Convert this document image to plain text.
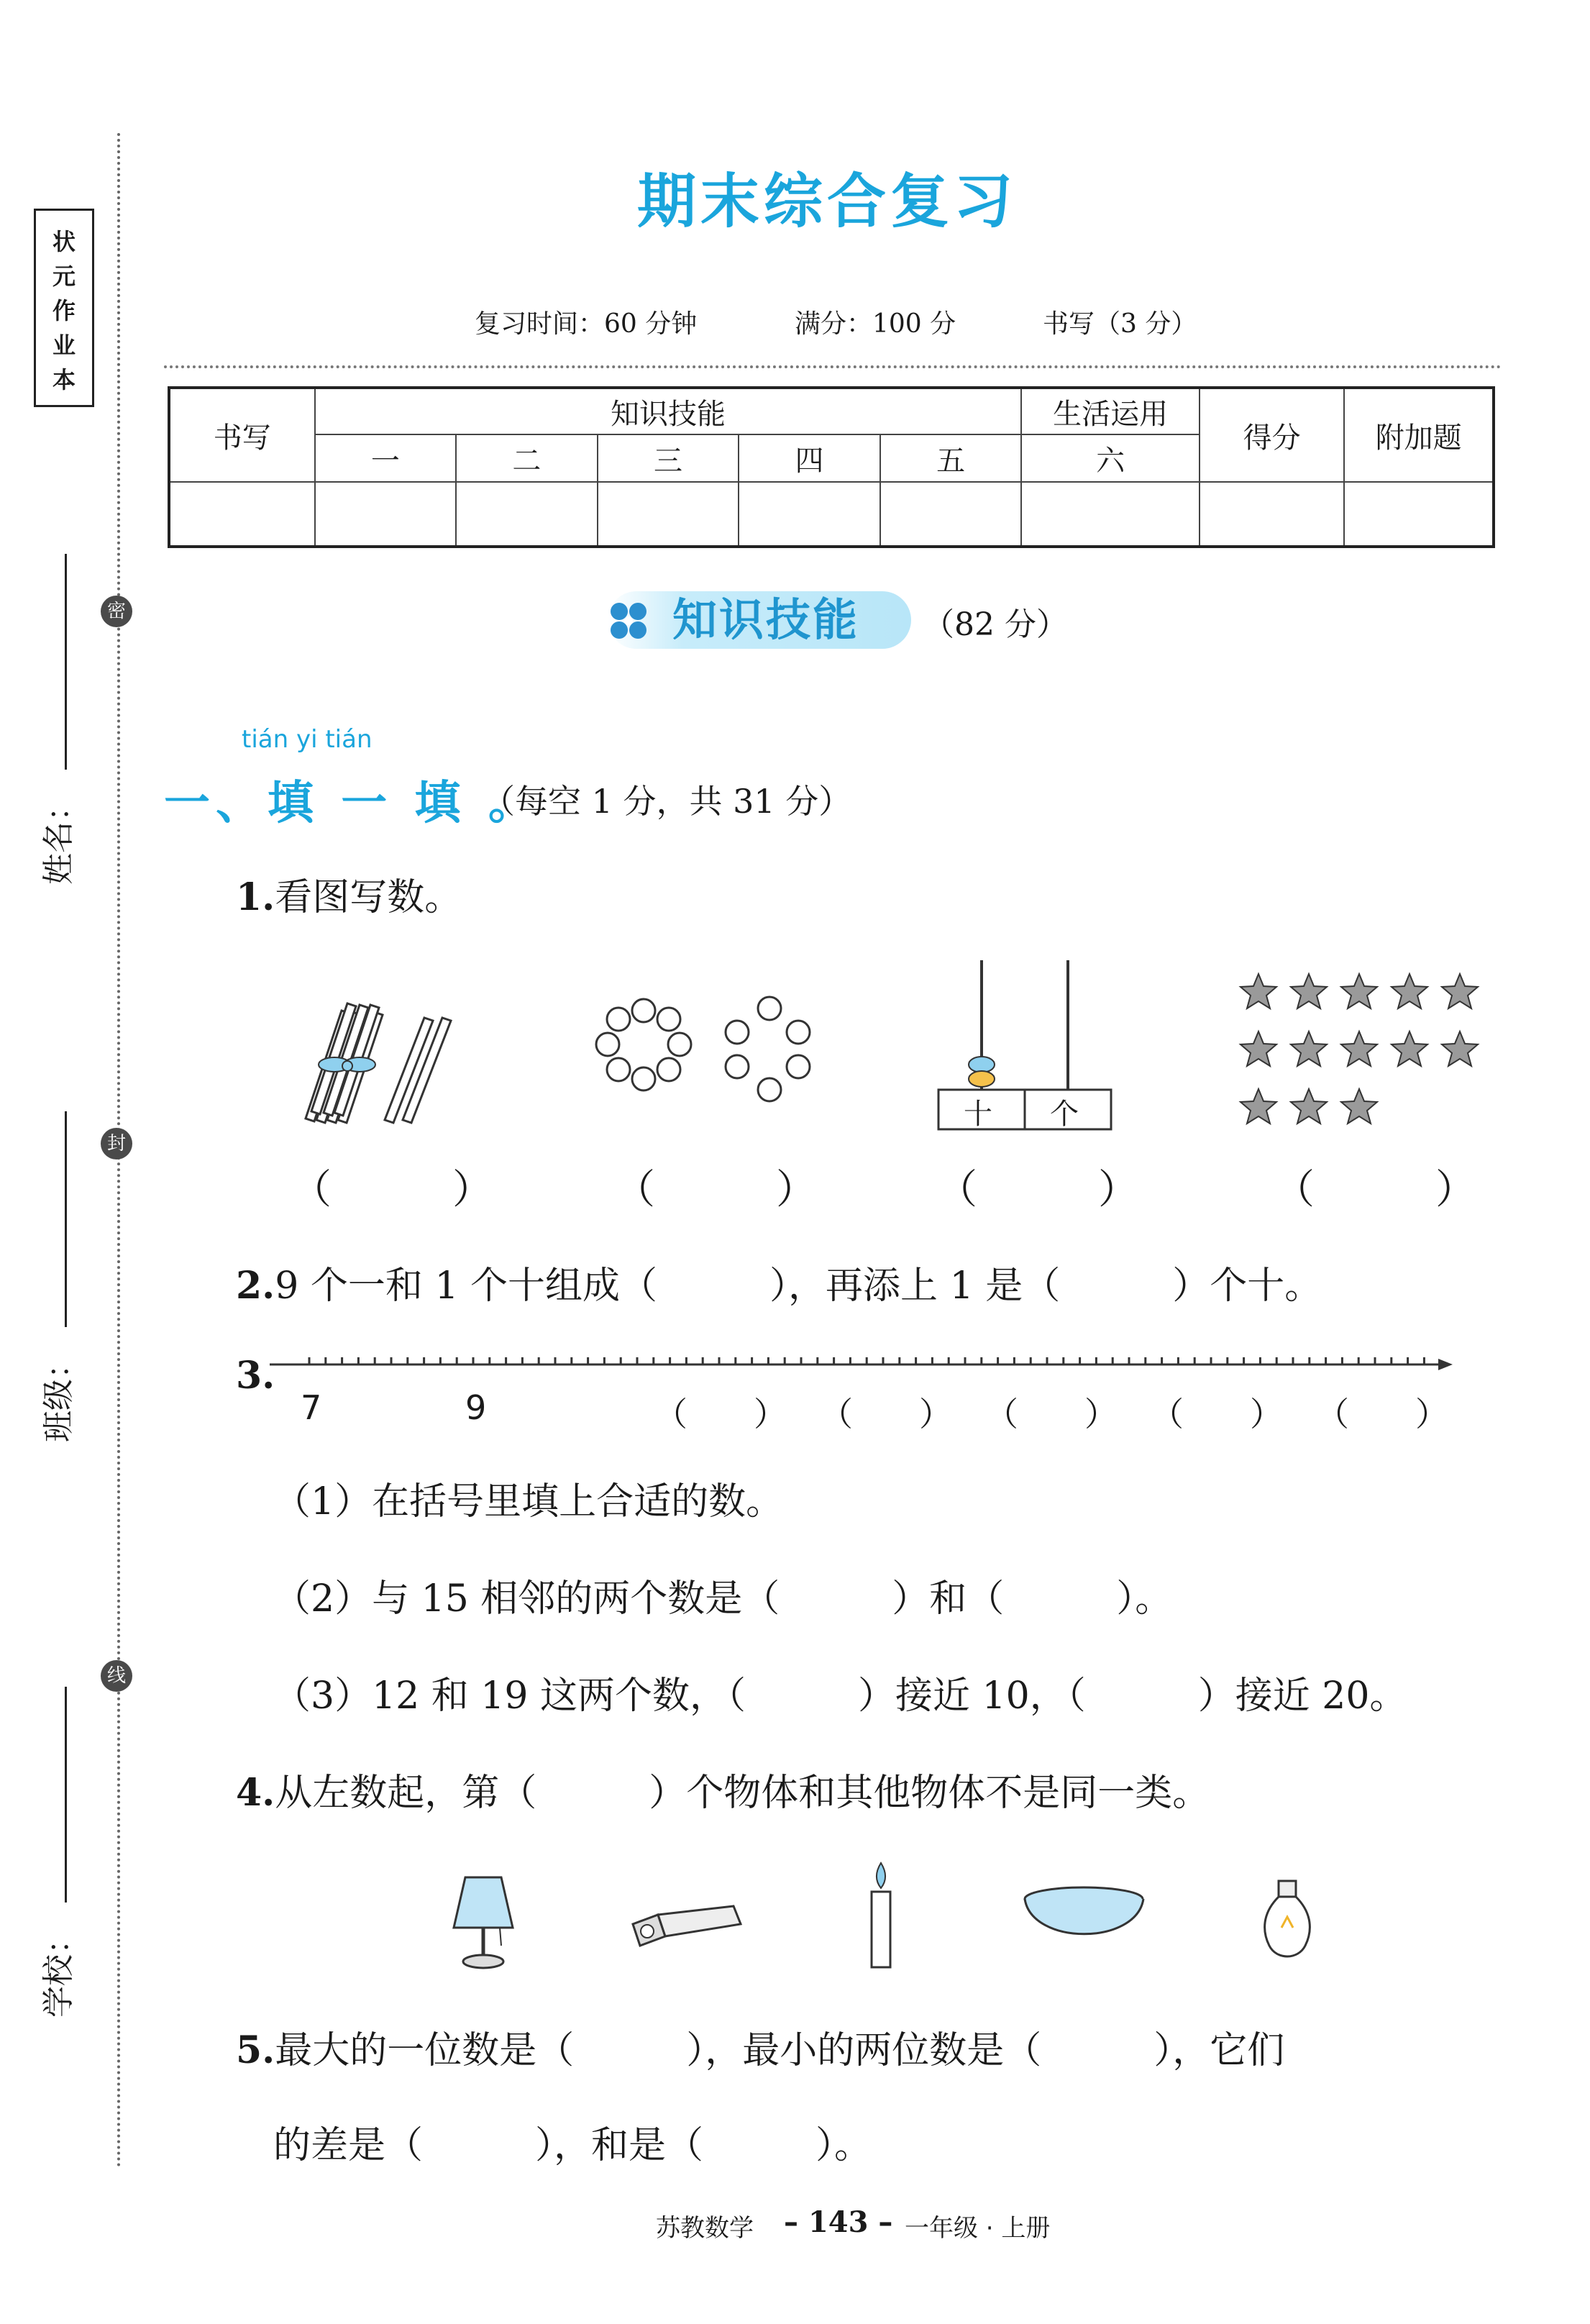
状
元
作
业
本
姓名：
班级：
学校：
密
封
线
期末综合复习
复习时间：60 分钟	满分：100 分	书写（3 分）
书写	知识技能					生活运用	得分	附加题
	一	二	三	四	五	六		

知识技能 （82 分）
tián yi tián
一、填 一 填 。
（每空 1 分，共 31 分）
1.看图写数。
十 个
（　　　）	（　　　）	（　　　）	（　　　）
2.9 个一和 1 个十组成（　　　），再添上 1 是（　　　）个十。
3.
7	9	（　　） （　　） （　　） （　　） （　　）
（1）在括号里填上合适的数。
（2）与 15 相邻的两个数是（　　　）和（　　　）。
（3）12 和 19 这两个数，（　　　）接近 10，（　　　）接近 20。
4.从左数起，第（　　　）个物体和其他物体不是同一类。
5.最大的一位数是（　　　），最小的两位数是（　　　），它们
的差是（　　　），和是（　　　）。
苏教数学 – 143 – 一年级 · 上册
